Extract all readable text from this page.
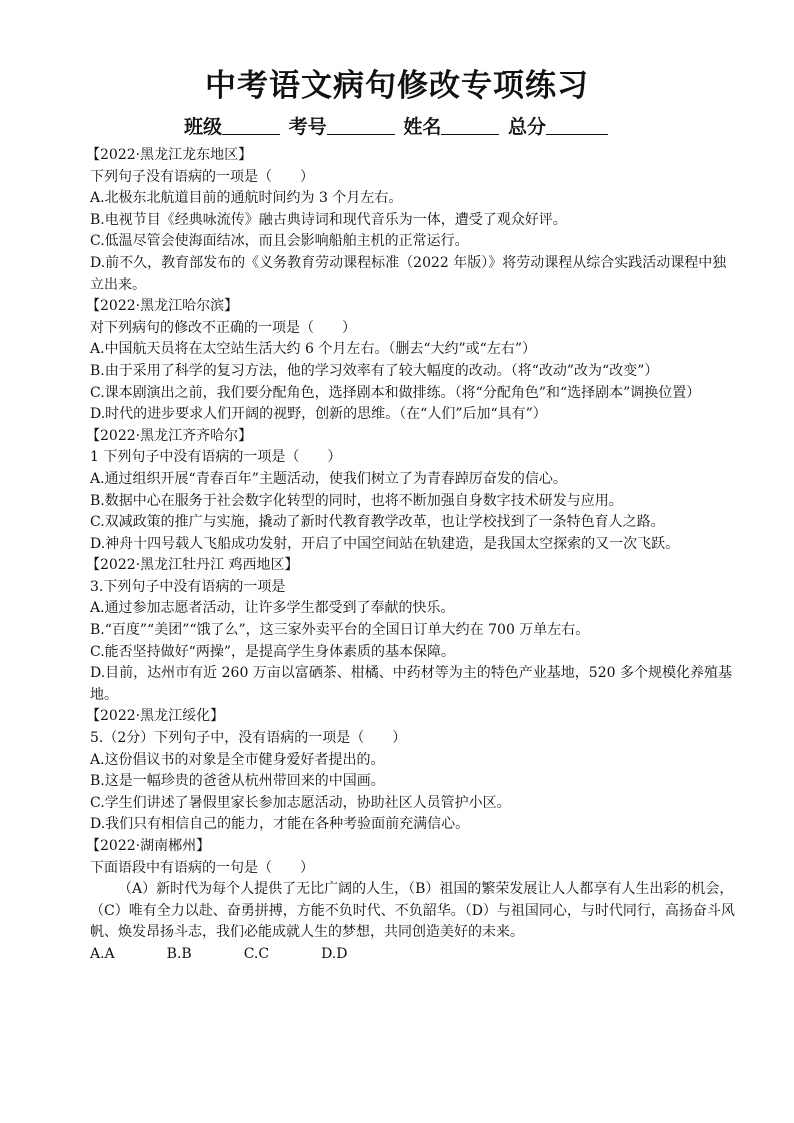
中考语文病句修改专项练习
班级	考号	姓名	总分

【2022·黑龙江龙东地区】

下列句子没有语病的一项是（　　）

A.北极东北航道目前的通航时间约为 3 个月左右。

B.电视节目《经典咏流传》融古典诗词和现代音乐为一体，遭受了观众好评。

C.低温尽管会使海面结冰，而且会影响船舶主机的正常运行。

D.前不久，教育部发布的《义务教育劳动课程标准（2022 年版）》将劳动课程从综合实践活动课程中独立出来。

【2022·黑龙江哈尔滨】

对下列病句的修改不正确的一项是（　　）

A.中国航天员将在太空站生活大约 6 个月左右。（删去“大约”或“左右”）

B.由于采用了科学的复习方法，他的学习效率有了较大幅度的改动。（将“改动”改为“改变”）

C.课本剧演出之前，我们要分配角色，选择剧本和做排练。（将“分配角色”和“选择剧本”调换位置）

D.时代的进步要求人们开阔的视野，创新的思维。（在“人们”后加“具有”）

【2022·黑龙江齐齐哈尔】

1 下列句子中没有语病的一项是（　　）

A.通过组织开展“青春百年”主题活动，使我们树立了为青春踔厉奋发的信心。

B.数据中心在服务于社会数字化转型的同时，也将不断加强自身数字技术研发与应用。

C.双减政策的推广与实施，撬动了新时代教育教学改革，也让学校找到了一条特色育人之路。

D.神舟十四号载人飞船成功发射，开启了中国空间站在轨建造，是我国太空探索的又一次飞跃。

【2022·黑龙江牡丹江 鸡西地区】

3.下列句子中没有语病的一项是

A.通过参加志愿者活动，让许多学生都受到了奉献的快乐。

B.“百度”“美团”“饿了么”，这三家外卖平台的全国日订单大约在 700 万单左右。

C.能否坚持做好“两操”，是提高学生身体素质的基本保障。

D.目前，达州市有近 260 万亩以富硒茶、柑橘、中药材等为主的特色产业基地，520 多个规模化养殖基地。

【2022·黑龙江绥化】

5.（2分）下列句子中，没有语病的一项是（　　）

A.这份倡议书的对象是全市健身爱好者提出的。

B.这是一幅珍贵的爸爸从杭州带回来的中国画。

C.学生们讲述了暑假里家长参加志愿活动，协助社区人员管护小区。

D.我们只有相信自己的能力，才能在各种考验面前充满信心。

【2022·湖南郴州】

下面语段中有语病的一句是（　　）

（A）新时代为每个人提供了无比广阔的人生，（B）祖国的繁荣发展让人人都享有人生出彩的机会，（C）唯有全力以赴、奋勇拼搏，方能不负时代、不负韶华。（D）与祖国同心，与时代同行，高扬奋斗风帆、焕发昂扬斗志，我们必能成就人生的梦想，共同创造美好的未来。

A.A	B.B	C.C	D.D
